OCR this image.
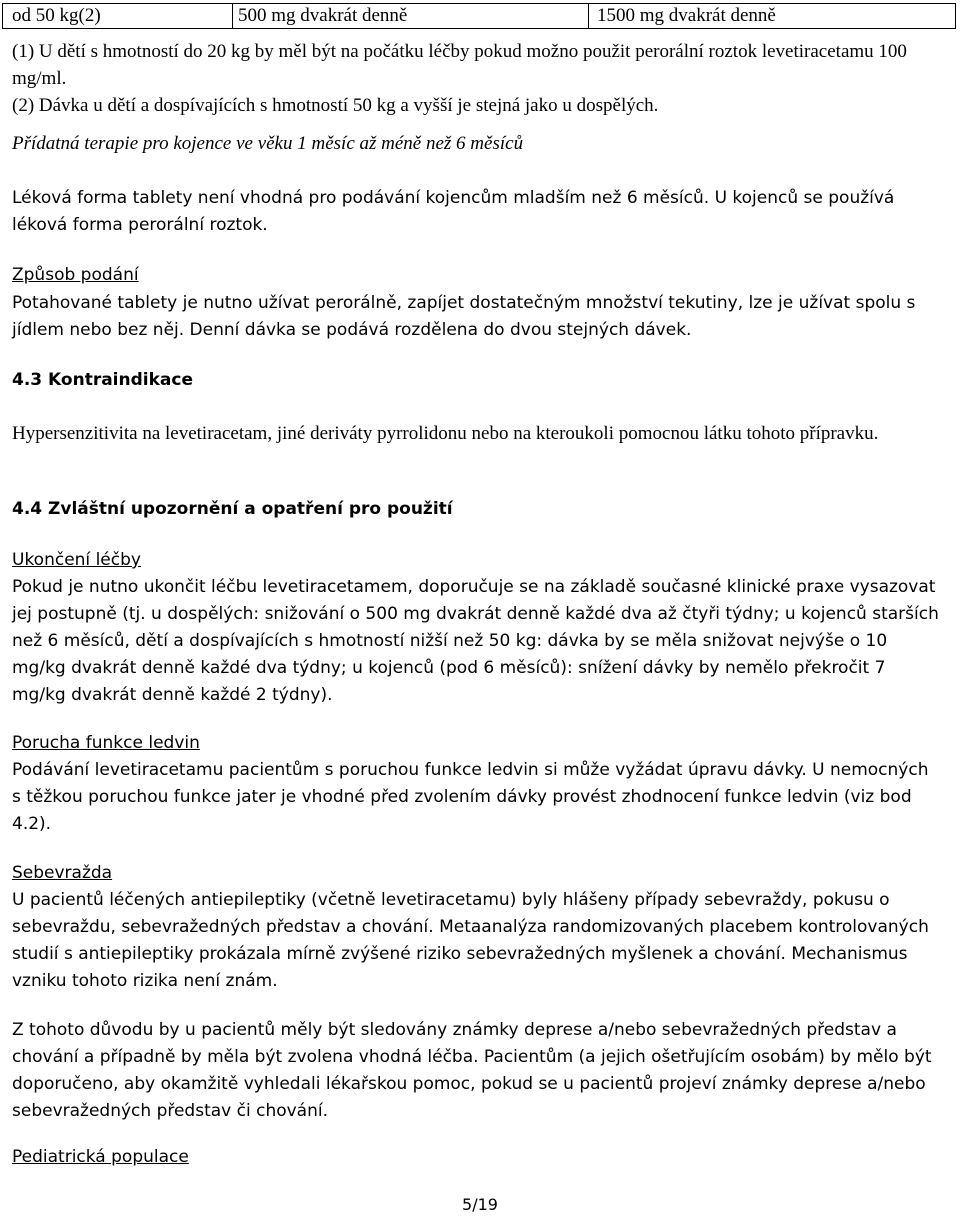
od 50 kg(2)	500 mg dvakrát denně	1500 mg dvakrát denně

(1) U dětí s hmotností do 20 kg by měl být na počátku léčby pokud možno použit perorální roztok levetiracetamu 100 mg/ml.

(2) Dávka u dětí a dospívajících s hmotností 50 kg a vyšší je stejná jako u dospělých.

Přídatná terapie pro kojence ve věku 1 měsíc až méně než 6 měsíců

Léková forma tablety není vhodná pro podávání kojencům mladším než 6 měsíců. U kojenců se používá léková forma perorální roztok.

Způsob podání

Potahované tablety je nutno užívat perorálně, zapíjet dostatečným množství tekutiny, lze je užívat spolu s jídlem nebo bez něj. Denní dávka se podává rozdělena do dvou stejných dávek.

4.3 Kontraindikace

Hypersenzitivita na levetiracetam, jiné deriváty pyrrolidonu nebo na kteroukoli pomocnou látku tohoto přípravku.

4.4 Zvláštní upozornění a opatření pro použití

Ukončení léčby

Pokud je nutno ukončit léčbu levetiracetamem, doporučuje se na základě současné klinické praxe vysazovat jej postupně (tj. u dospělých: snižování o 500 mg dvakrát denně každé dva až čtyři týdny; u kojenců starších než 6 měsíců, dětí a dospívajících s hmotností nižší než 50 kg: dávka by se měla snižovat nejvýše o 10 mg/kg dvakrát denně každé dva týdny; u kojenců (pod 6 měsíců): snížení dávky by nemělo překročit 7 mg/kg dvakrát denně každé 2 týdny).

Porucha funkce ledvin

Podávání levetiracetamu pacientům s poruchou funkce ledvin si může vyžádat úpravu dávky. U nemocných s těžkou poruchou funkce jater je vhodné před zvolením dávky provést zhodnocení funkce ledvin (viz bod 4.2).

Sebevražda

U pacientů léčených antiepileptiky (včetně levetiracetamu) byly hlášeny případy sebevraždy, pokusu o sebevraždu, sebevražedných představ a chování. Metaanalýza randomizovaných placebem kontrolovaných studií s antiepileptiky prokázala mírně zvýšené riziko sebevražedných myšlenek a chování. Mechanismus vzniku tohoto rizika není znám.

Z tohoto důvodu by u pacientů měly být sledovány známky deprese a/nebo sebevražedných představ a chování a případně by měla být zvolena vhodná léčba. Pacientům (a jejich ošetřujícím osobám) by mělo být doporučeno, aby okamžitě vyhledali lékařskou pomoc, pokud se u pacientů projeví známky deprese a/nebo sebevražedných představ či chování.

Pediatrická populace

5/19
